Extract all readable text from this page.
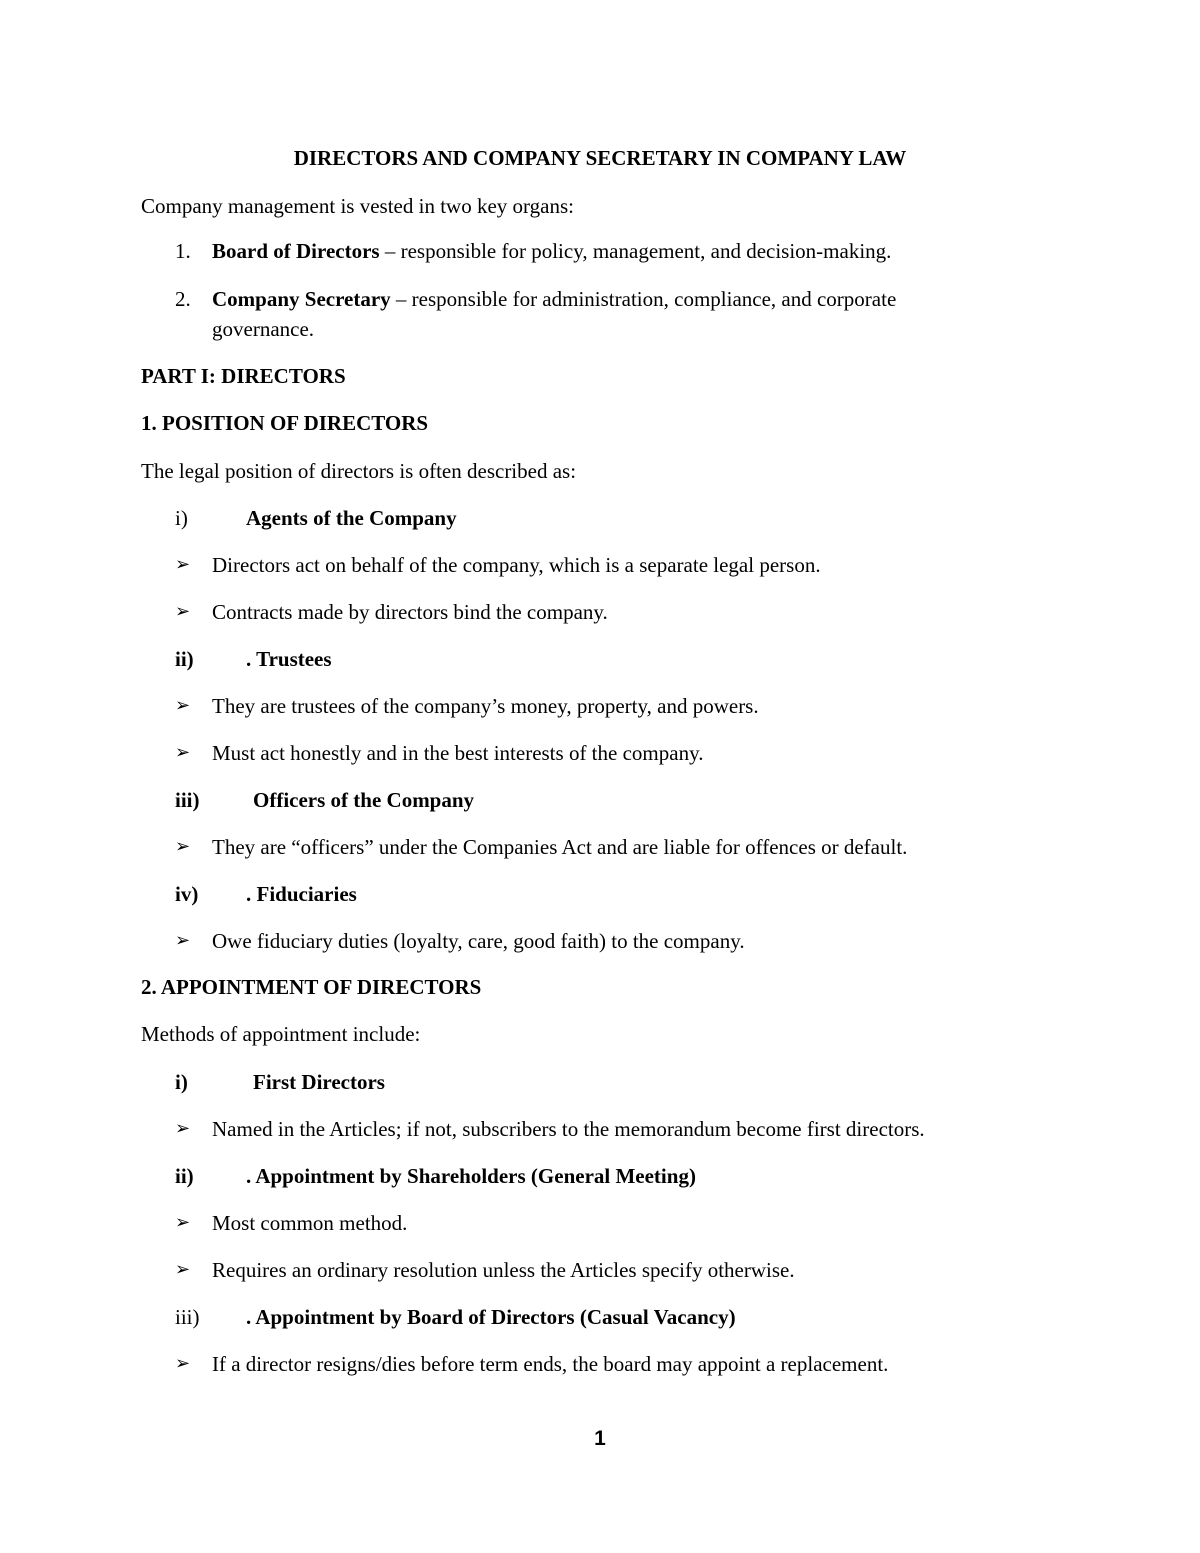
DIRECTORS AND COMPANY SECRETARY IN COMPANY LAW
Company management is vested in two key organs:
1. Board of Directors – responsible for policy, management, and decision-making.
2. Company Secretary – responsible for administration, compliance, and corporate
governance.
PART I: DIRECTORS
1. POSITION OF DIRECTORS
The legal position of directors is often described as:
i)	Agents of the Company
➢ Directors act on behalf of the company, which is a separate legal person.
➢ Contracts made by directors bind the company.
ii) . Trustees
➢ They are trustees of the company’s money, property, and powers.
➢ Must act honestly and in the best interests of the company.
iii)	Officers of the Company
➢ They are “officers” under the Companies Act and are liable for offences or default.
iv) . Fiduciaries
➢ Owe fiduciary duties (loyalty, care, good faith) to the company.
2. APPOINTMENT OF DIRECTORS
Methods of appointment include:
i)	First Directors
➢ Named in the Articles; if not, subscribers to the memorandum become first directors.
ii) . Appointment by Shareholders (General Meeting)
➢ Most common method.
➢ Requires an ordinary resolution unless the Articles specify otherwise.
iii) . Appointment by Board of Directors (Casual Vacancy)
➢ If a director resigns/dies before term ends, the board may appoint a replacement.
1
